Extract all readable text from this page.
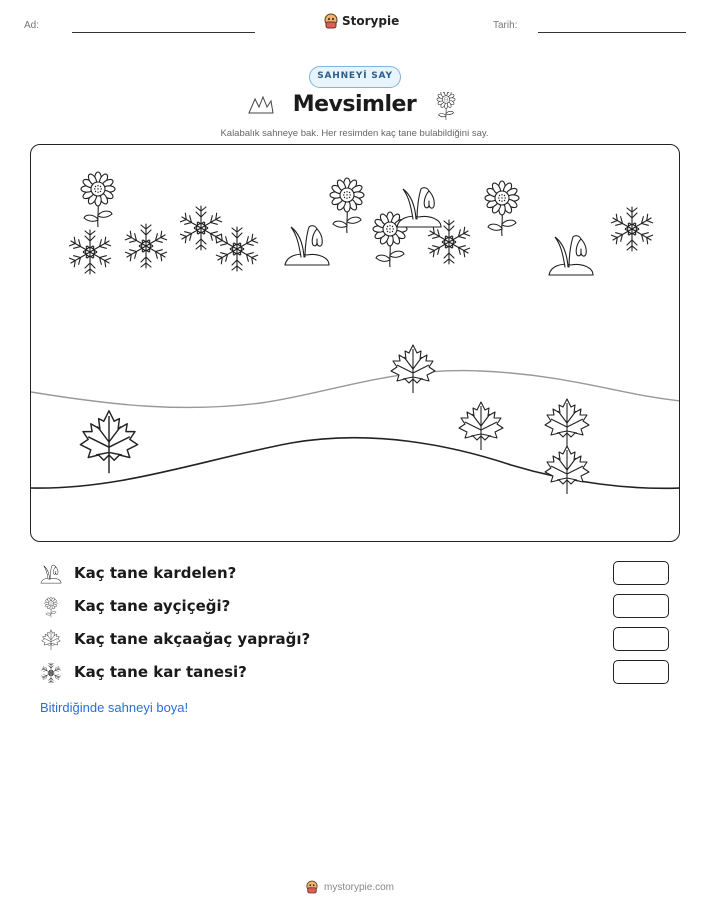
Ad:	Storypie	Tarih:
SAHNEYİ SAY
Mevsimler
Kalabalık sahneye bak. Her resimden kaç tane bulabildiğini say.
Kaç tane kardelen?
Kaç tane ayçiçeği?
Kaç tane akçaağaç yaprağı?
Kaç tane kar tanesi?
Bitirdiğinde sahneyi boya!
mystorypie.com
